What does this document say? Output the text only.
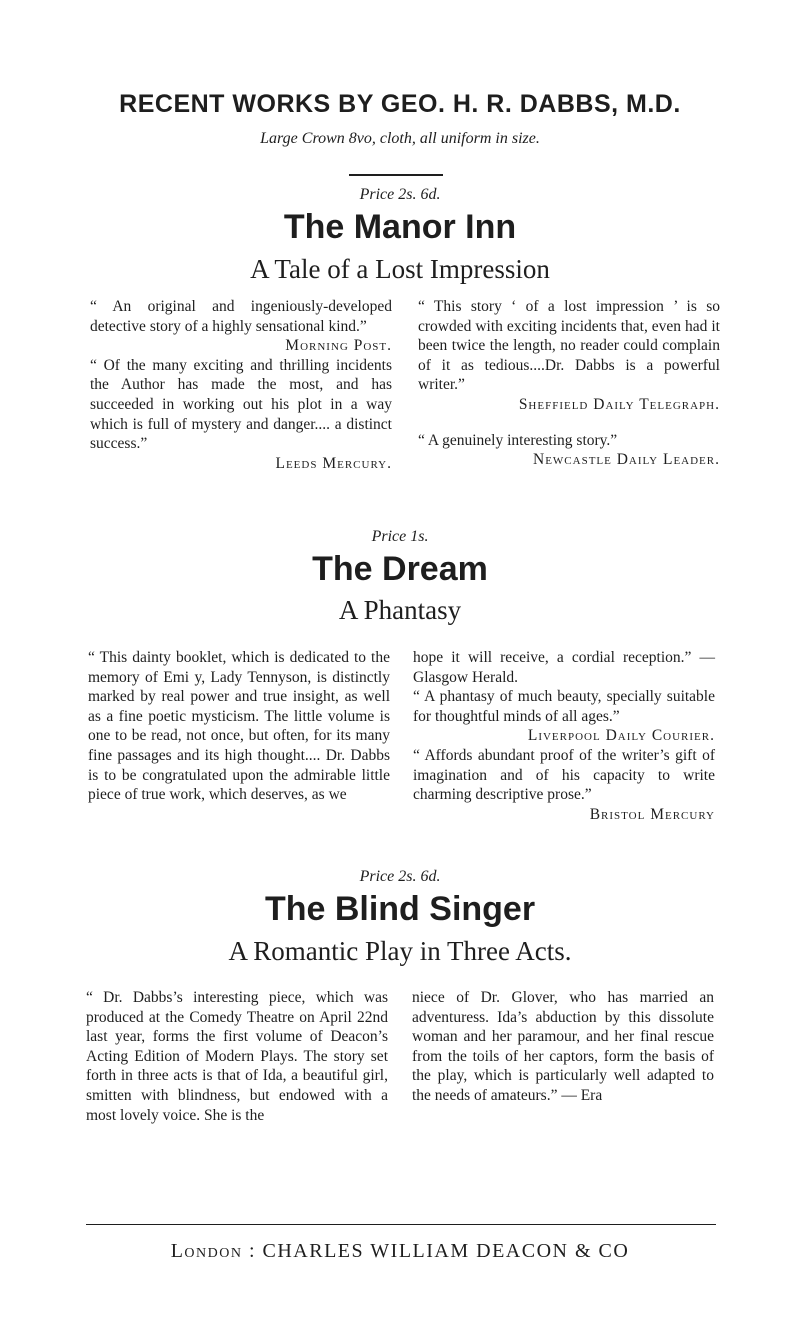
RECENT WORKS BY GEO. H. R. DABBS, M.D.
Large Crown 8vo, cloth, all uniform in size.
Price 2s. 6d.
The Manor Inn
A Tale of a Lost Impression

“ An original and ingeniously-developed detective story of a highly sensational kind.”

Morning Post.

“ Of the many exciting and thrilling incidents the Author has made the most, and has succeeded in working out his plot in a way which is full of mystery and danger.... a distinct success.”

Leeds Mercury.

“ This story ‘ of a lost impression ’ is so crowded with exciting incidents that, even had it been twice the length, no reader could complain of it as tedious....Dr. Dabbs is a powerful writer.”

Sheffield Daily Telegraph.

“ A genuinely interesting story.”

Newcastle Daily Leader.

Price 1s.
The Dream
A Phantasy

“ This dainty booklet, which is dedicated to the memory of Emi y, Lady Tennyson, is distinctly marked by real power and true insight, as well as a fine poetic mysticism. The little volume is one to be read, not once, but often, for its many fine passages and its high thought.... Dr. Dabbs is to be congratulated upon the admirable little piece of true work, which deserves, as we

hope it will receive, a cordial reception.” — Glasgow Herald.

“ A phantasy of much beauty, specially suitable for thoughtful minds of all ages.”

Liverpool Daily Courier.

“ Affords abundant proof of the writer’s gift of imagination and of his capacity to write charming descriptive prose.”

Bristol Mercury

Price 2s. 6d.
The Blind Singer
A Romantic Play in Three Acts.

“ Dr. Dabbs’s interesting piece, which was produced at the Comedy Theatre on April 22nd last year, forms the first volume of Deacon’s Acting Edition of Modern Plays. The story set forth in three acts is that of Ida, a beautiful girl, smitten with blindness, but endowed with a most lovely voice. She is the

niece of Dr. Glover, who has married an adventuress. Ida’s abduction by this dissolute woman and her paramour, and her final rescue from the toils of her captors, form the basis of the play, which is particularly well adapted to the needs of amateurs.” — Era

London : CHARLES WILLIAM DEACON & CO
